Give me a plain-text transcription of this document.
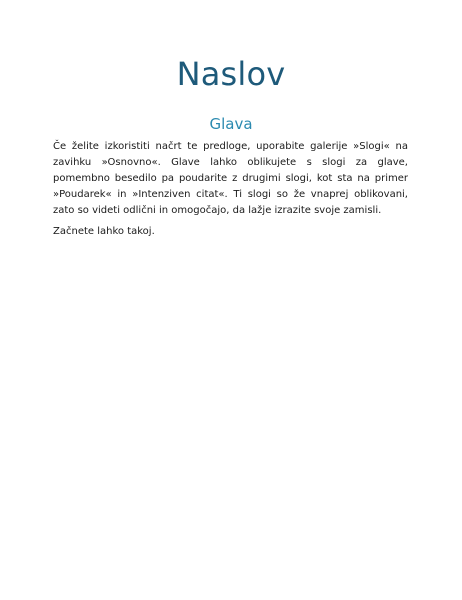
Naslov
Glava

Če želite izkoristiti načrt te predloge, uporabite galerije »Slogi« na zavihku »Osnovno«. Glave lahko oblikujete s slogi za glave, pomembno besedilo pa poudarite z drugimi slogi, kot sta na primer »Poudarek« in »Intenziven citat«. Ti slogi so že vnaprej oblikovani, zato so videti odlični in omogočajo, da lažje izrazite svoje zamisli.

Začnete lahko takoj.
